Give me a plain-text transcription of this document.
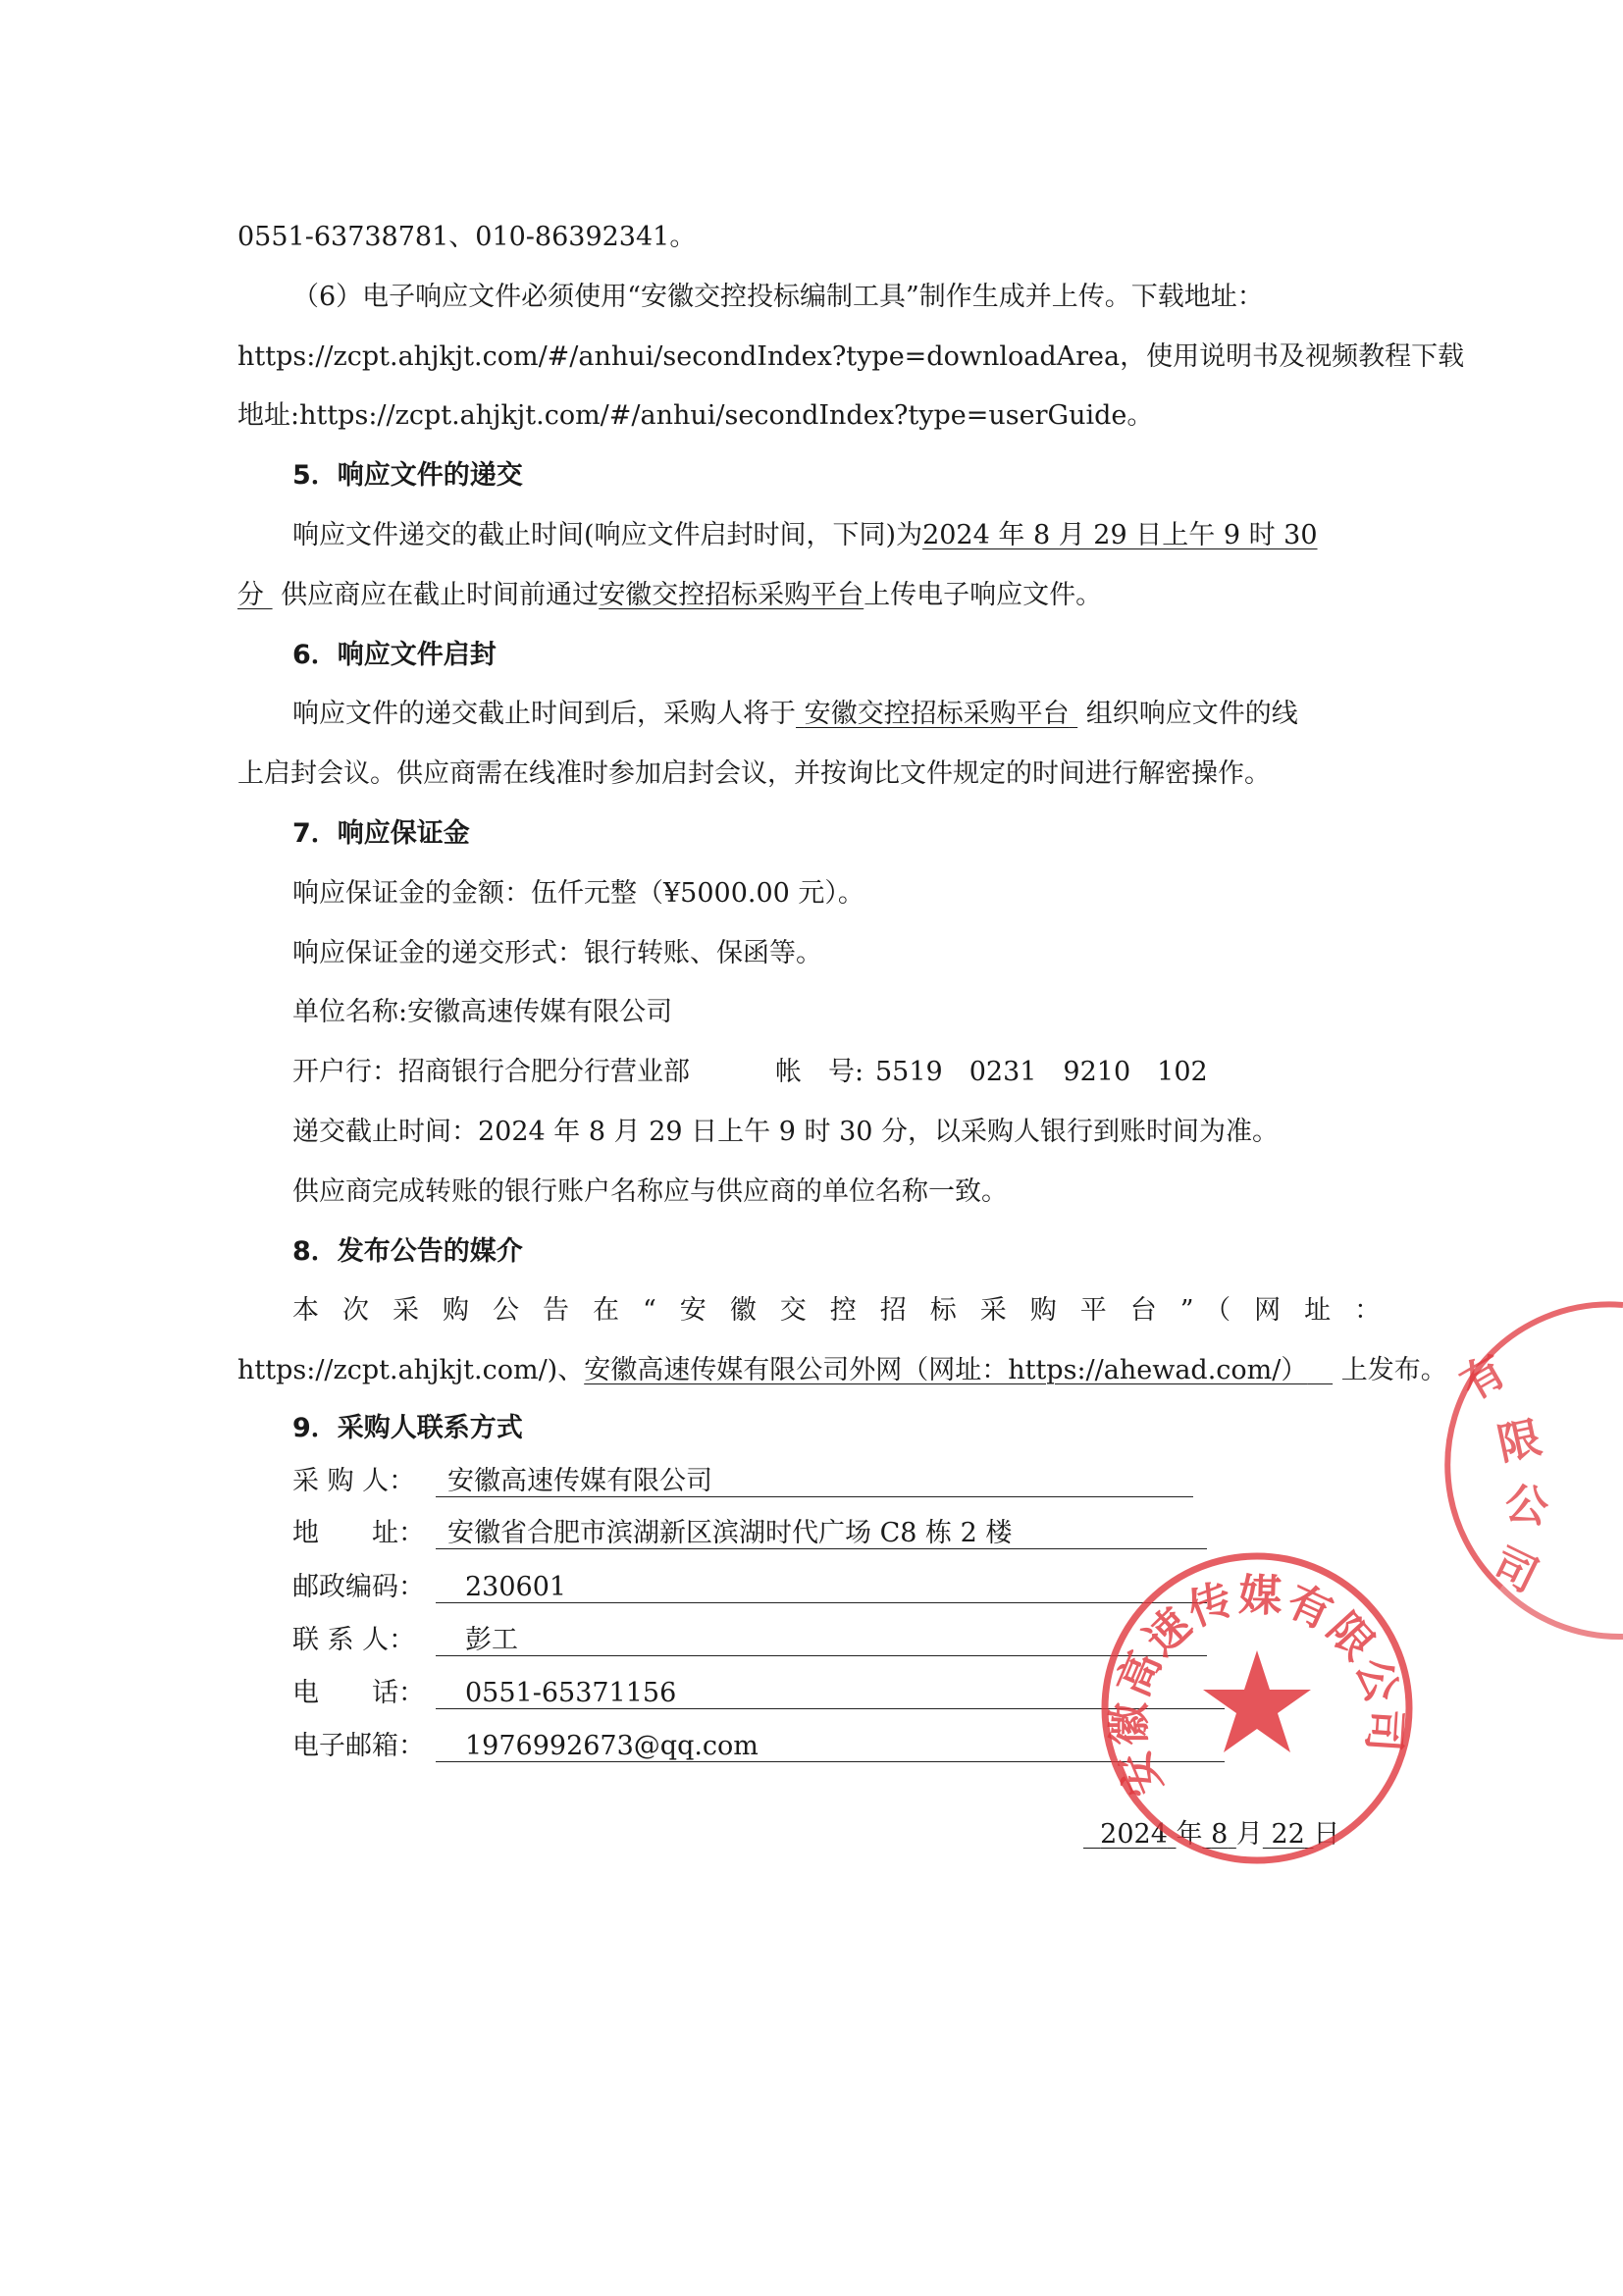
0551-63738781、010-86392341。
（6）电子响应文件必须使用“安徽交控投标编制工具”制作生成并上传。下载地址：
https://zcpt.ahjkjt.com/#/anhui/secondIndex?type=downloadArea，使用说明书及视频教程下载
地址:https://zcpt.ahjkjt.com/#/anhui/secondIndex?type=userGuide。
5．响应文件的递交
响应文件递交的截止时间(响应文件启封时间，下同)为2024 年 8 月 29 日上午 9 时 30
分 供应商应在截止时间前通过安徽交控招标采购平台上传电子响应文件。
6．响应文件启封
响应文件的递交截止时间到后，采购人将于 安徽交控招标采购平台 组织响应文件的线
上启封会议。供应商需在线准时参加启封会议，并按询比文件规定的时间进行解密操作。
7．响应保证金
响应保证金的金额：伍仟元整（¥5000.00 元）。
响应保证金的递交形式：银行转账、保函等。
单位名称:安徽高速传媒有限公司
开户行：招商银行合肥分行营业部	帐　号: 5519　0231　9210　102
递交截止时间：2024 年 8 月 29 日上午 9 时 30 分，以采购人银行到账时间为准。
供应商完成转账的银行账户名称应与供应商的单位名称一致。
8．发布公告的媒介
本次采购公告在“安徽交控招标采购平台”（网址：
https://zcpt.ahjkjt.com/)、安徽高速传媒有限公司外网（网址：https://ahewad.com/） 上发布。
9．采购人联系方式
采 购 人： 安徽高速传媒有限公司
地　　址： 安徽省合肥市滨湖新区滨湖时代广场 C8 栋 2 楼
邮政编码： 230601
联 系 人： 彭工
电　　话： 0551-65371156
电子邮箱： 1976992673@qq.com
2024 年 8 月 22 日
有
限
公
司
安徽高速传媒有限公司
